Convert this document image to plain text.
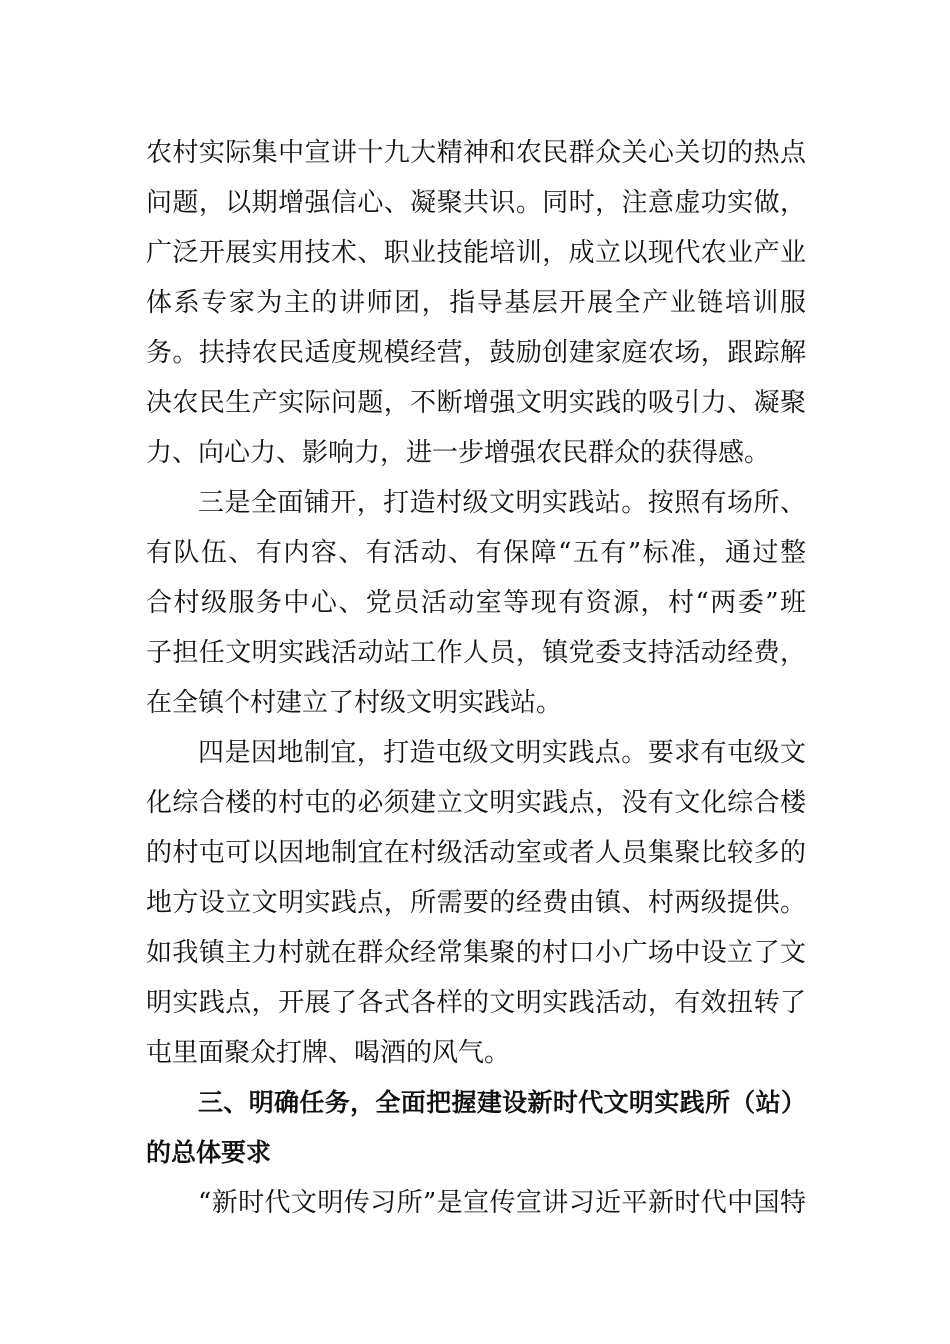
农村实际集中宣讲十九大精神和农民群众关心关切的热点
问题，以期增强信心、凝聚共识。同时，注意虚功实做，
广泛开展实用技术、职业技能培训，成立以现代农业产业
体系专家为主的讲师团，指导基层开展全产业链培训服
务。扶持农民适度规模经营，鼓励创建家庭农场，跟踪解
决农民生产实际问题，不断增强文明实践的吸引力、凝聚
力、向心力、影响力，进一步增强农民群众的获得感。
三是全面铺开，打造村级文明实践站。按照有场所、
有队伍、有内容、有活动、有保障“五有”标准，通过整
合村级服务中心、党员活动室等现有资源，村“两委”班
子担任文明实践活动站工作人员，镇党委支持活动经费，
在全镇个村建立了村级文明实践站。
四是因地制宜，打造屯级文明实践点。要求有屯级文
化综合楼的村屯的必须建立文明实践点，没有文化综合楼
的村屯可以因地制宜在村级活动室或者人员集聚比较多的
地方设立文明实践点，所需要的经费由镇、村两级提供。
如我镇主力村就在群众经常集聚的村口小广场中设立了文
明实践点，开展了各式各样的文明实践活动，有效扭转了
屯里面聚众打牌、喝酒的风气。
三、明确任务，全面把握建设新时代文明实践所（站）
的总体要求
“新时代文明传习所”是宣传宣讲习近平新时代中国特
